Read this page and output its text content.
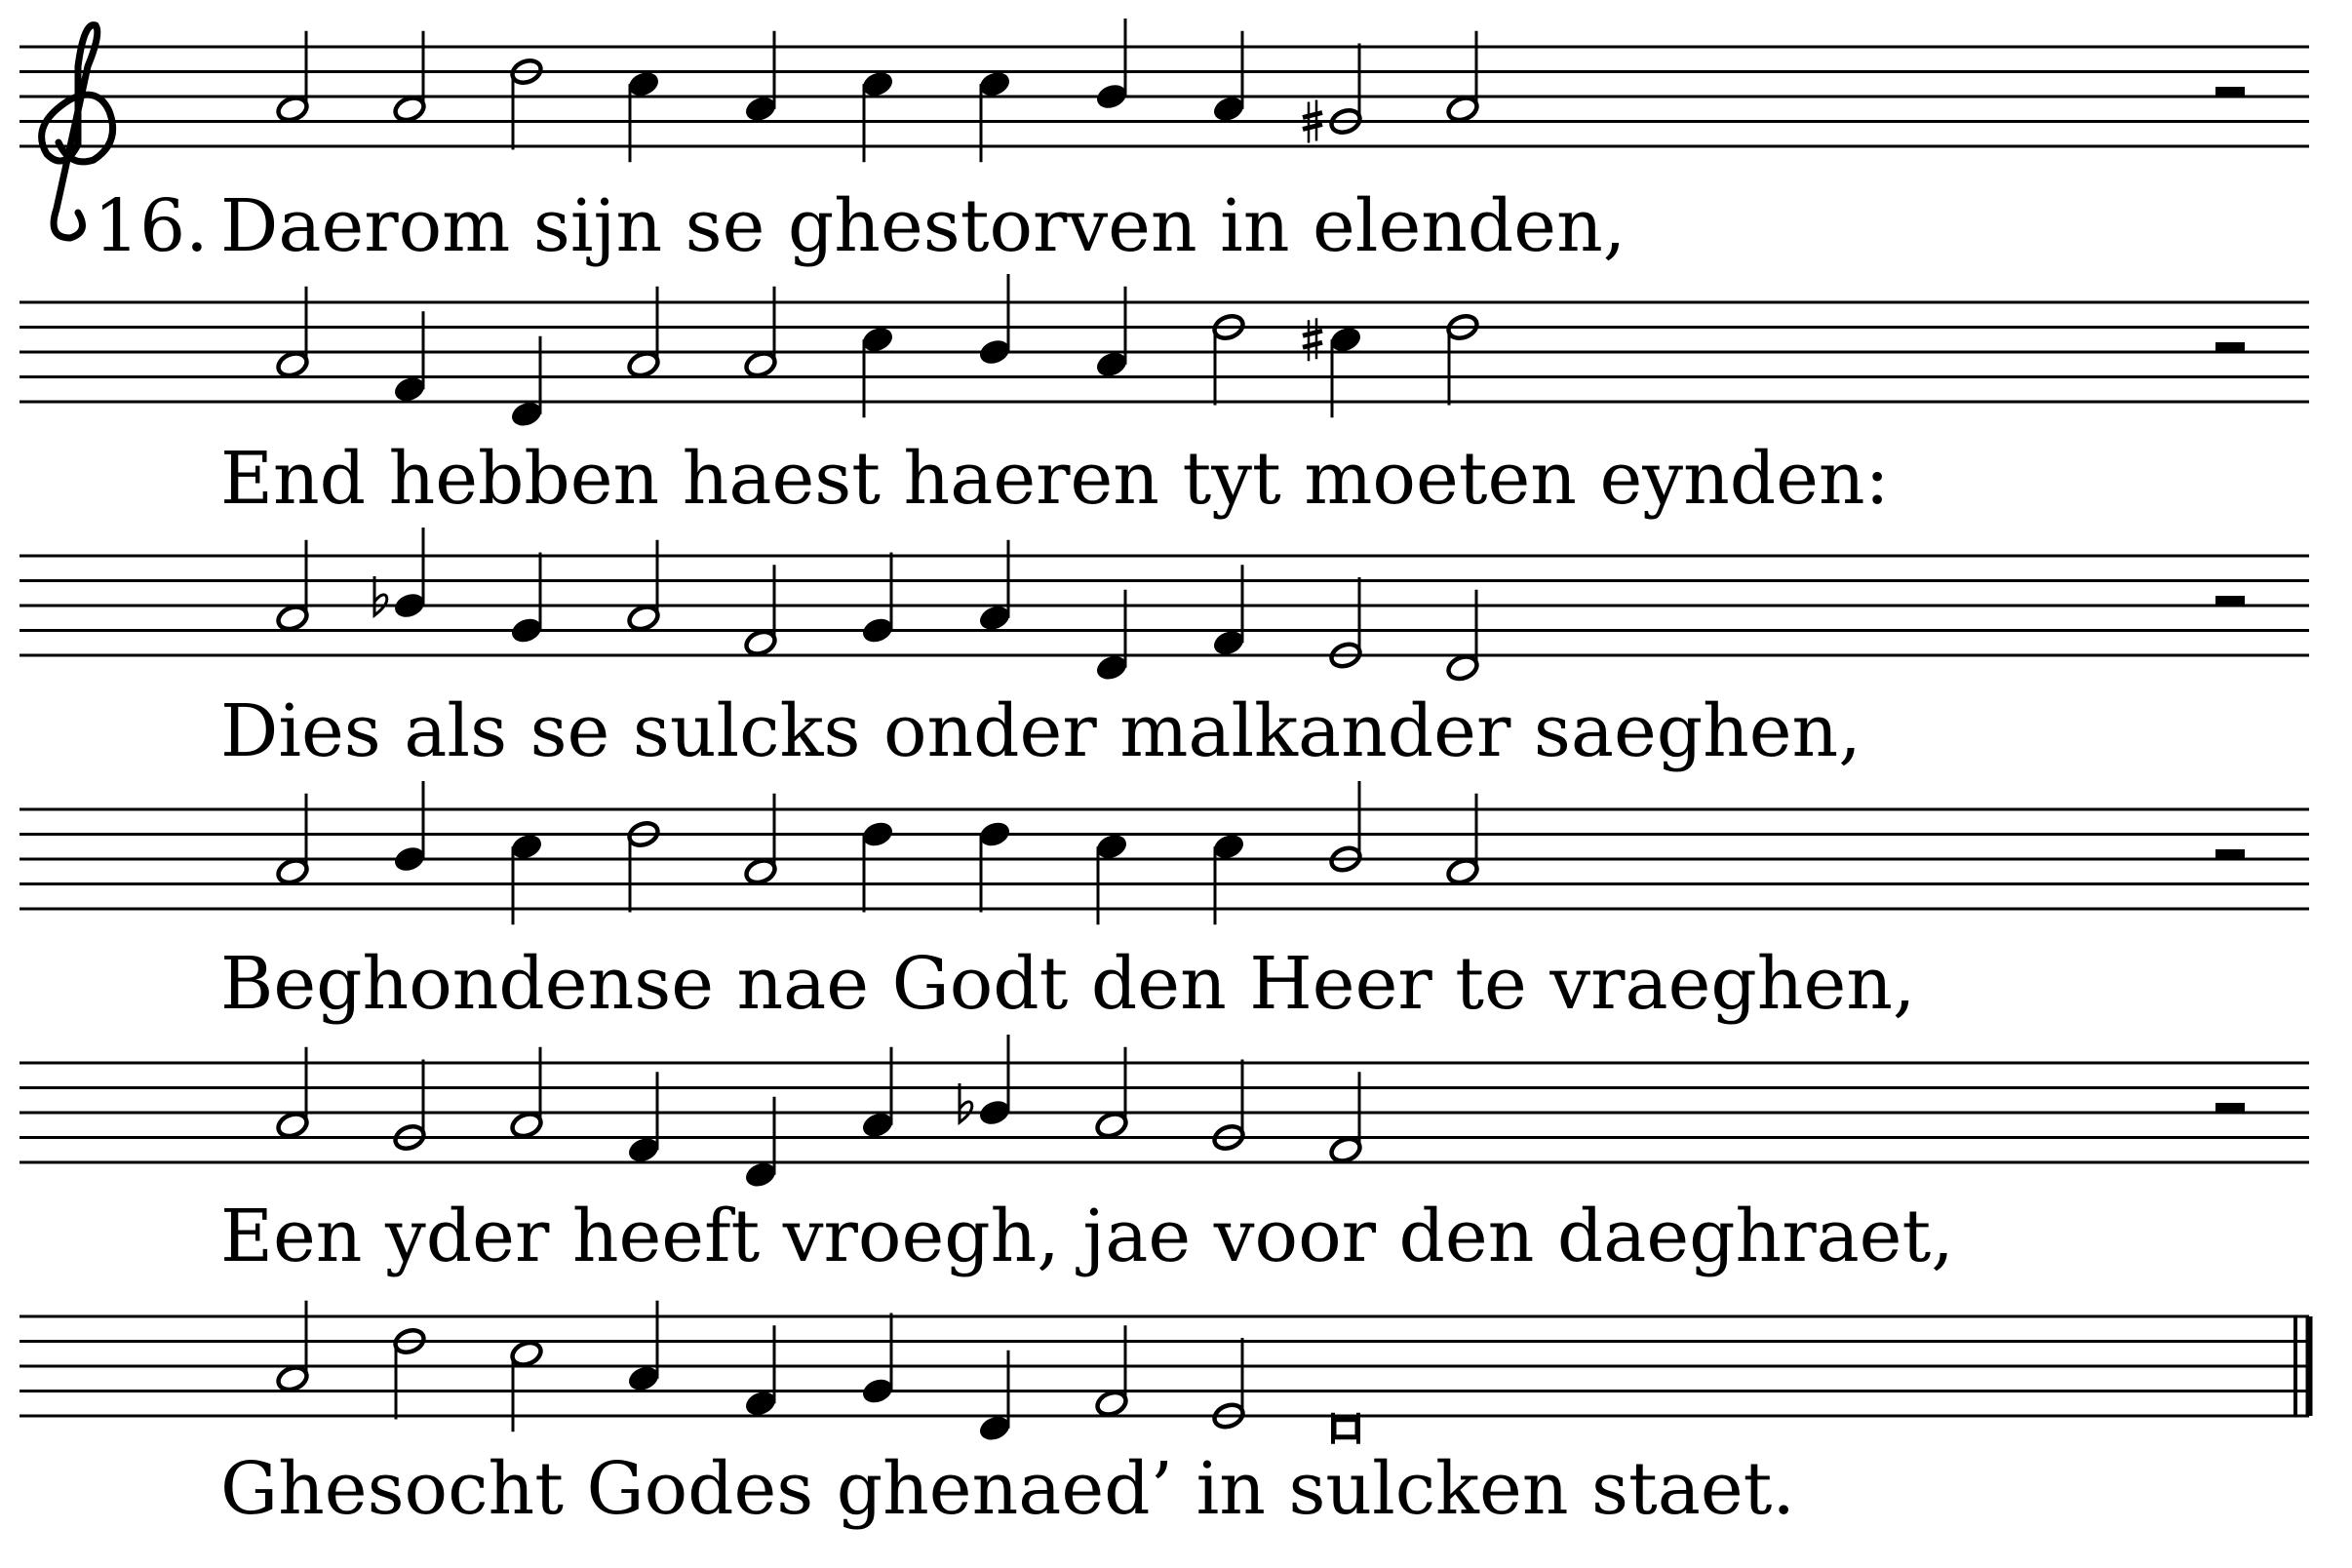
16. Daerom sijn se ghestorven in elenden,
End hebben haest haeren tyt moeten eynden:
Dies als se sulcks onder malkander saeghen,
Beghondense nae Godt den Heer te vraeghen,
Een yder heeft vroegh, jae voor den daeghraet,
Ghesocht Godes ghenaed’ in sulcken staet.
